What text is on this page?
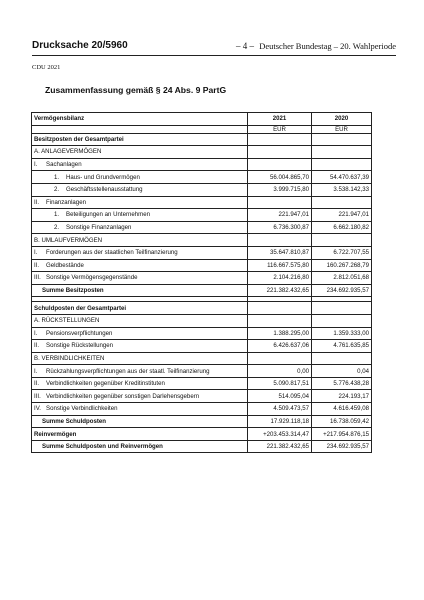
Drucksache 20/5960	– 4 – Deutscher Bundestag – 20. Wahlperiode
CDU 2021
Zusammenfassung gemäß § 24 Abs. 9 PartG
Vermögensbilanz	2021	2020
	EUR	EUR
Besitzposten der Gesamtpartei		
A. ANLAGEVERMÖGEN		
I. Sachanlagen		
1. Haus- und Grundvermögen	56.004.865,70	54.470.637,39
2. Geschäftsstellenausstattung	3.999.715,80	3.538.142,33
II. Finanzanlagen		
1. Beteiligungen an Unternehmen	221.947,01	221.947,01
2. Sonstige Finanzanlagen	6.736.300,87	6.662.180,82
B. UMLAUFVERMÖGEN		
I. Forderungen aus der staatlichen Teilfinanzierung	35.647.810,87	6.722.707,55
II. Geldbestände	116.667.575,80	160.267.268,79
III. Sonstige Vermögensgegenstände	2.104.216,80	2.812.051,68
Summe Besitzposten	221.382.432,65	234.692.935,57

Schuldposten der Gesamtpartei		
A. RÜCKSTELLUNGEN		
I. Pensionsverpflichtungen	1.388.295,00	1.359.333,00
II. Sonstige Rückstellungen	6.426.637,06	4.761.635,85
B. VERBINDLICHKEITEN		
I. Rückzahlungsverpflichtungen aus der staatl. Teilfinanzierung	0,00	0,04
II. Verbindlichkeiten gegenüber Kreditinstituten	5.090.817,51	5.776.438,28
III. Verbindlichkeiten gegenüber sonstigen Darlehensgebern	514.095,04	224.193,17
IV. Sonstige Verbindlichkeiten	4.509.473,57	4.616.459,08
Summe Schuldposten	17.929.118,18	16.738.059,42
Reinvermögen	+203.453.314,47	+217.954.876,15
Summe Schuldposten und Reinvermögen	221.382.432,65	234.692.935,57
